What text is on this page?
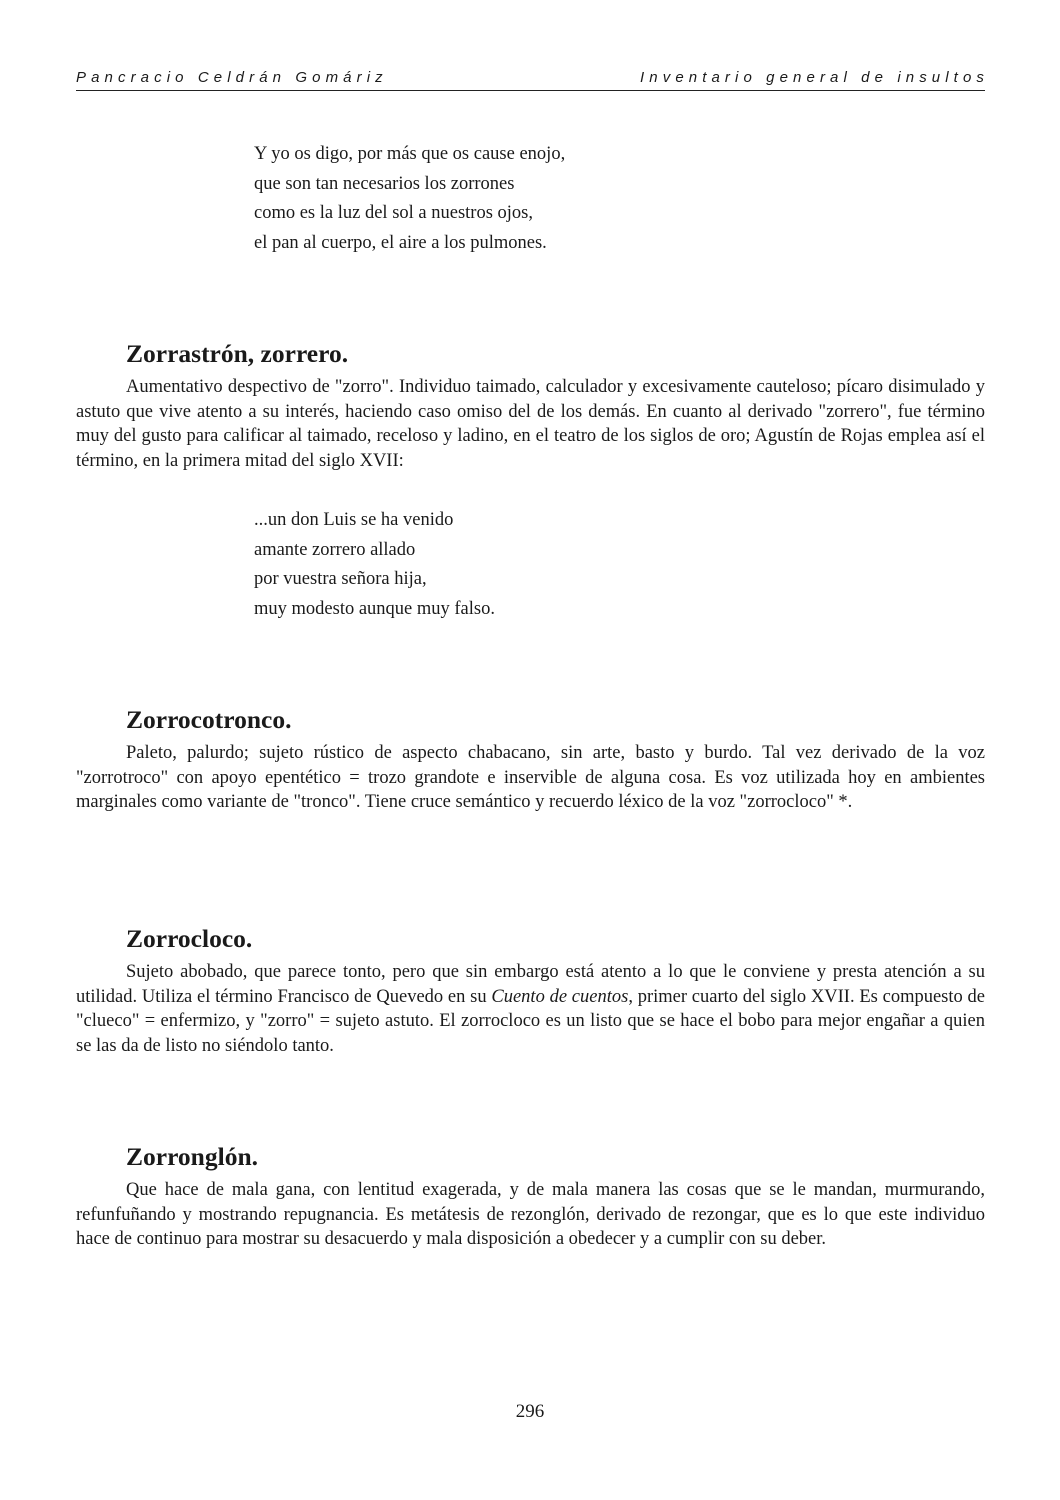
Pancracio Celdrán Gomáriz	Inventario general de insultos
Y yo os digo, por más que os cause enojo,
que son tan necesarios los zorrones
como es la luz del sol a nuestros ojos,
el pan al cuerpo, el aire a los pulmones.
Zorrastrón, zorrero.

Aumentativo despectivo de "zorro". Individuo taimado, calculador y excesivamente cauteloso; pícaro disimulado y astuto que vive atento a su interés, haciendo caso omiso del de los demás. En cuanto al derivado "zorrero", fue término muy del gusto para calificar al taimado, receloso y ladino, en el teatro de los siglos de oro; Agustín de Rojas emplea así el término, en la primera mitad del siglo XVII:

...un don Luis se ha venido
amante zorrero allado
por vuestra señora hija,
muy modesto aunque muy falso.
Zorrocotronco.

Paleto, palurdo; sujeto rústico de aspecto chabacano, sin arte, basto y burdo. Tal vez derivado de la voz "zorrotroco" con apoyo epentético = trozo grandote e inservible de alguna cosa. Es voz utilizada hoy en ambientes marginales como variante de "tronco". Tiene cruce semántico y recuerdo léxico de la voz "zorrocloco" *.

Zorrocloco.

Sujeto abobado, que parece tonto, pero que sin embargo está atento a lo que le conviene y presta atención a su utilidad. Utiliza el término Francisco de Quevedo en su Cuento de cuentos, primer cuarto del siglo XVII. Es compuesto de "clueco" = enfermizo, y "zorro" = sujeto astuto. El zorrocloco es un listo que se hace el bobo para mejor engañar a quien se las da de listo no siéndolo tanto.

Zorronglón.

Que hace de mala gana, con lentitud exagerada, y de mala manera las cosas que se le mandan, murmurando, refunfuñando y mostrando repugnancia. Es metátesis de rezonglón, derivado de rezongar, que es lo que este individuo hace de continuo para mostrar su desacuerdo y mala disposición a obedecer y a cumplir con su deber.

296
